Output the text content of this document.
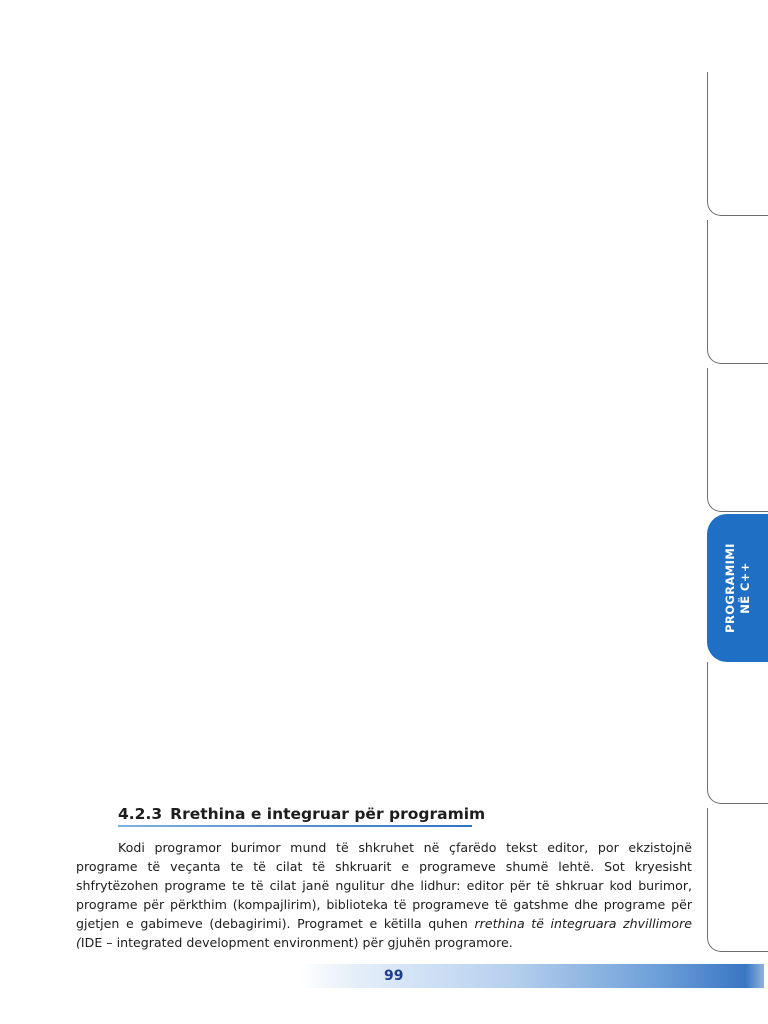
PROGRAMIMI NË C++
4.2.3 Rrethina e integruar për programim

Kodi programor burimor mund të shkruhet në çfarëdo tekst editor, por ekzistojnë programe të veçanta te të cilat të shkruarit e programeve shumë lehtë. Sot kryesisht shfrytëzohen programe te të cilat janë ngulitur dhe lidhur: editor për të shkruar kod burimor, programe për përkthim (kompajlirim), biblioteka të programeve të gatshme dhe programe për gjetjen e gabimeve (debagirimi). Programet e këtilla quhen rrethina të integruara zhvillimore (IDE – integrated development environment) për gjuhën programore.

99
